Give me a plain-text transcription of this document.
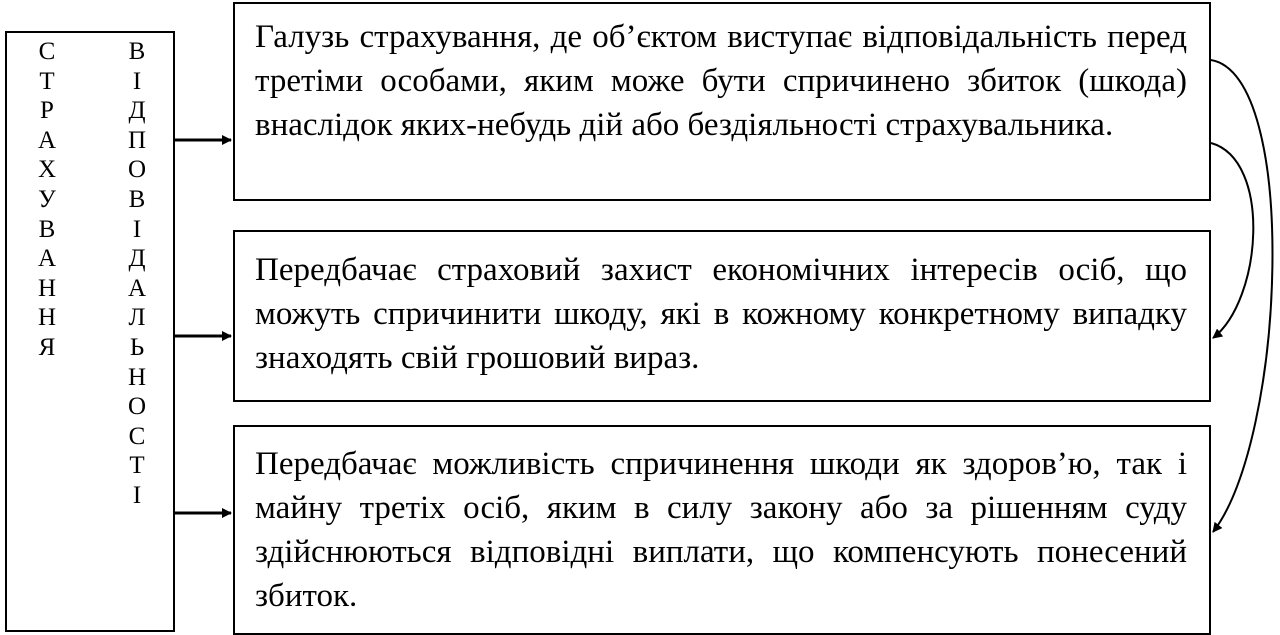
С
Т
Р
А
Х
У
В
А
Н
Н
Я
В
І
Д
П
О
В
І
Д
А
Л
Ь
Н
О
С
Т
І

Галузь страхування, де об’єктом виступає відповідальність перед третіми особами, яким може бути спричинено збиток (шкода) внаслідок яких-небудь дій або бездіяльності страхувальника.

Передбачає страховий захист економічних інтересів осіб, що можуть спричинити шкоду, які в кожному конкретному випадку знаходять свій грошовий вираз.

Передбачає можливість спричинення шкоди як здоров’ю, так і майну третіх осіб, яким в силу закону або за рішенням суду здійснюються відповідні виплати, що компенсують понесений збиток.
